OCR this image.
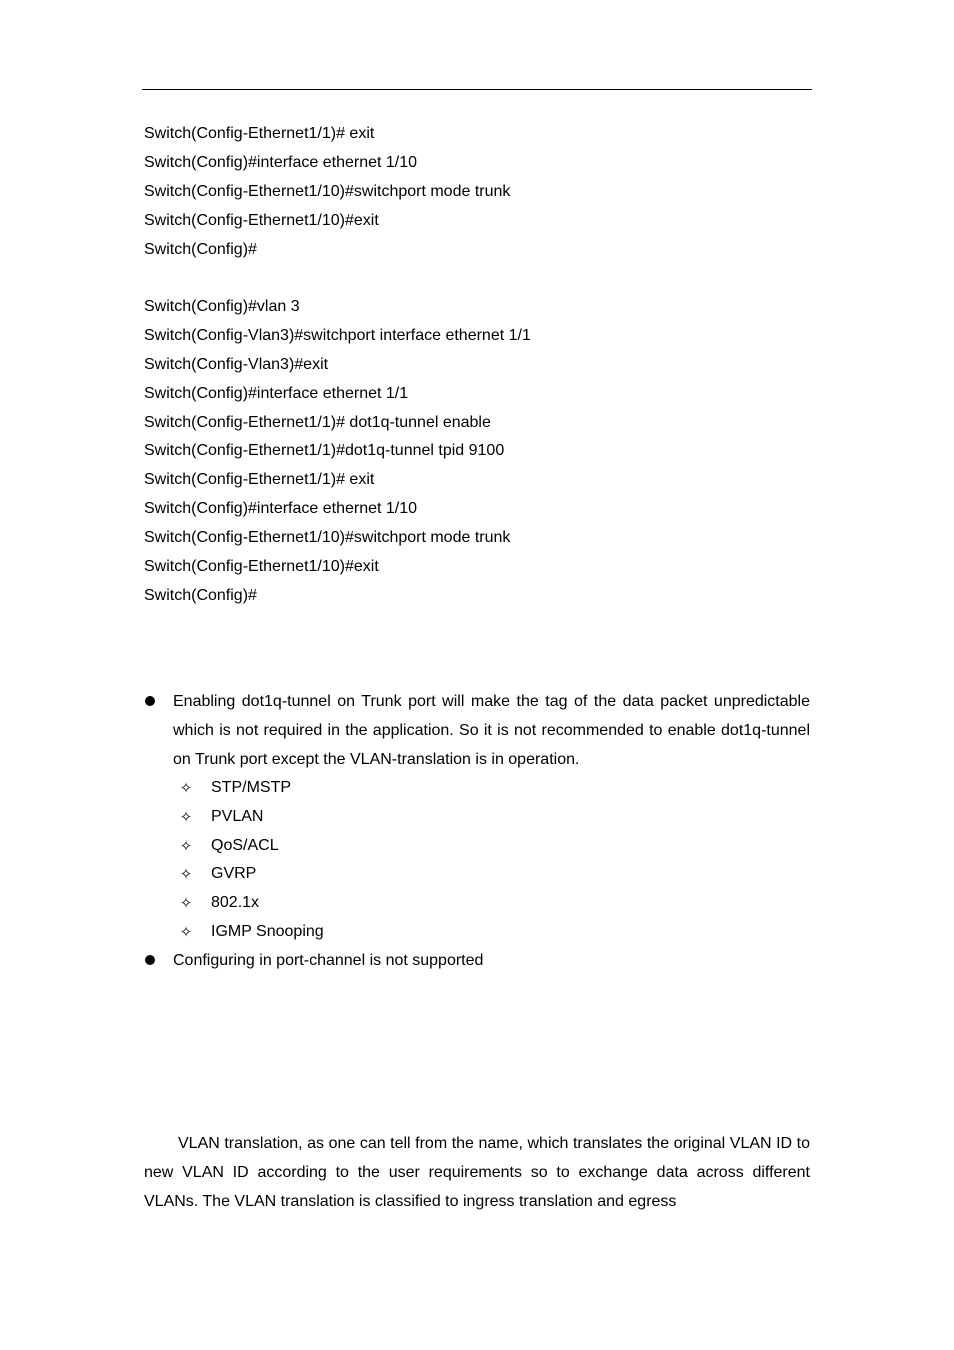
Switch(Config-Ethernet1/1)# exit
Switch(Config)#interface ethernet 1/10
Switch(Config-Ethernet1/10)#switchport mode trunk
Switch(Config-Ethernet1/10)#exit
Switch(Config)#
Switch(Config)#vlan 3
Switch(Config-Vlan3)#switchport interface ethernet 1/1
Switch(Config-Vlan3)#exit
Switch(Config)#interface ethernet 1/1
Switch(Config-Ethernet1/1)# dot1q-tunnel enable
Switch(Config-Ethernet1/1)#dot1q-tunnel tpid 9100
Switch(Config-Ethernet1/1)# exit
Switch(Config)#interface ethernet 1/10
Switch(Config-Ethernet1/10)#switchport mode trunk
Switch(Config-Ethernet1/10)#exit
Switch(Config)#
Enabling dot1q-tunnel on Trunk port will make the tag of the data packet unpredictable which is not required in the application. So it is not recommended to enable dot1q-tunnel on Trunk port except the VLAN-translation is in operation.
✧ STP/MSTP
✧ PVLAN
✧ QoS/ACL
✧ GVRP
✧ 802.1x
✧ IGMP Snooping
Configuring in port-channel is not supported
VLAN translation, as one can tell from the name, which translates the original VLAN ID to new VLAN ID according to the user requirements so to exchange data across different VLANs. The VLAN translation is classified to ingress translation and egress
